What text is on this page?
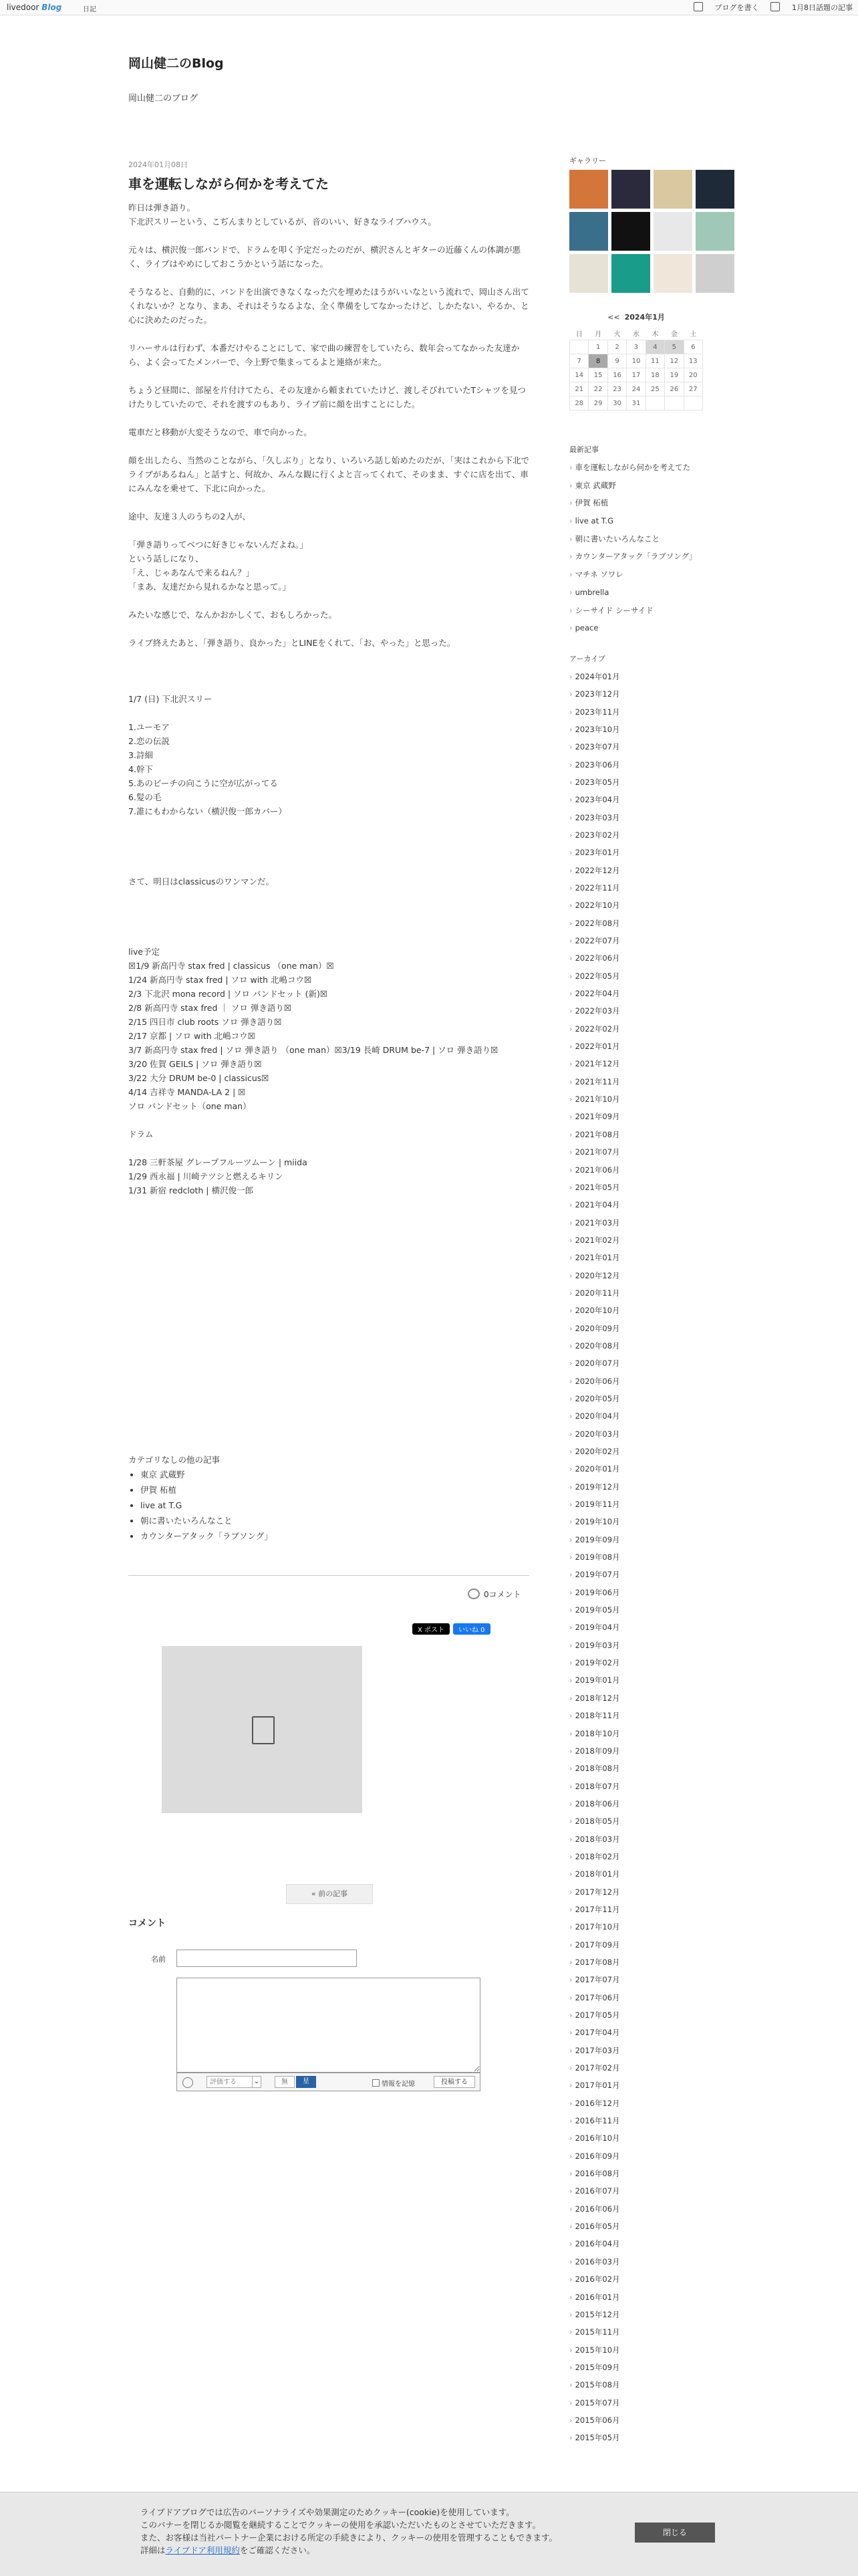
livedoor Blog	日記	ブログを書く	1月8日話題の記事
岡山健二のBlog
岡山健二のブログ
2024年01月08日
車を運転しながら何かを考えてた

昨日は弾き語り。

下北沢スリーという、こぢんまりとしているが、音のいい、好きなライブハウス。

元々は、横沢俊一郎バンドで、ドラムを叩く予定だったのだが、横沢さんとギターの近藤くんの体調が悪く、ライブはやめにしておこうかという話になった。

そうなると、自動的に、バンドを出演できなくなった穴を埋めたほうがいいなという流れで、岡山さん出てくれないか？となり、まあ、それはそうなるよな、全く準備をしてなかったけど、しかたない、やるか、と心に決めたのだった。

リハーサルは行わず、本番だけやることにして、家で曲の練習をしていたら、数年会ってなかった友達から、よく会ってたメンバーで、今上野で集まってるよと連絡が来た。

ちょうど昼間に、部屋を片付けてたら、その友達から頼まれていたけど、渡しそびれていたTシャツを見つけたりしていたので、それを渡すのもあり、ライブ前に顔を出すことにした。

電車だと移動が大変そうなので、車で向かった。

顔を出したら、当然のことながら、「久しぶり」となり、いろいろ話し始めたのだが、「実はこれから下北でライブがあるねん」と話すと、何故か、みんな観に行くよと言ってくれて、そのまま、すぐに店を出て、車にみんなを乗せて、下北に向かった。

途中、友達３人のうちの2人が、

「弾き語りってベつに好きじゃないんだよね。」

という話しになり、

「え、じゃあなんで来るねん？」

「まあ、友達だから見れるかなと思って。」

みたいな感じで、なんかおかしくて、おもしろかった。

ライブ終えたあと、「弾き語り、良かった」とLINEをくれて、「お、やった」と思った。

1/7 (日) 下北沢スリー

1.ユーモア

2.恋の伝説

3.詩細

4.幹下

5.あのビーチの向こうに空が広がってる

6.髪の毛

7.誰にもわからない（横沢俊一郎カバー）

さて、明日はclassicusのワンマンだ。

live予定

☒1/9 新高円寺 stax fred | classicus （one man）☒

1/24 新高円寺 stax fred | ソロ with 北嶋コウ☒

2/3 下北沢 mona record | ソロ バンドセット (新)☒

2/8 新高円寺 stax fred ｜ ソロ 弾き語り☒

2/15 四日市 club roots ソロ 弾き語り☒

2/17 京都 | ソロ with 北嶋コウ☒

3/7 新高円寺 stax fred | ソロ 弾き語り （one man）☒3/19 長崎 DRUM be-7 | ソロ 弾き語り☒

3/20 佐賀 GEILS | ソロ 弾き語り☒

3/22 大分 DRUM be-0 | classicus☒

4/14 吉祥寺 MANDA-LA 2 | ☒

ソロ バンドセット（one man）

ドラム

1/28 三軒茶屋 グレープフルーツムーン | miida

1/29 西永福 | 川崎テツシと燃えるキリン

1/31 新宿 redcloth | 横沢俊一郎

カテゴリなしの他の記事
• 東京 武蔵野
• 伊賀 柘植
• live at T.G
• 朝に書いたいろんなこと
• カウンターアタック「ラブソング」
0コメント
X ポスト	いいね 0
« 前の記事
コメント
名前
評価する	⌄	無	星	情報を記憶	投稿する
ギャラリー
<< 2024年1月
日	月	火	水	木	金	土
	1	2	3	4	5	6
7	8	9	10	11	12	13
14	15	16	17	18	19	20
21	22	23	24	25	26	27
28	29	30	31			
最新記事
› 車を運転しながら何かを考えてた
› 東京 武蔵野
› 伊賀 柘植
› live at T.G
› 朝に書いたいろんなこと
› カウンターアタック「ラブソング」
› マチネ ソワレ
› umbrella
› シーサイド シーサイド
› peace
アーカイブ
› 2024年01月
› 2023年12月
› 2023年11月
› 2023年10月
› 2023年07月
› 2023年06月
› 2023年05月
› 2023年04月
› 2023年03月
› 2023年02月
› 2023年01月
› 2022年12月
› 2022年11月
› 2022年10月
› 2022年08月
› 2022年07月
› 2022年06月
› 2022年05月
› 2022年04月
› 2022年03月
› 2022年02月
› 2022年01月
› 2021年12月
› 2021年11月
› 2021年10月
› 2021年09月
› 2021年08月
› 2021年07月
› 2021年06月
› 2021年05月
› 2021年04月
› 2021年03月
› 2021年02月
› 2021年01月
› 2020年12月
› 2020年11月
› 2020年10月
› 2020年09月
› 2020年08月
› 2020年07月
› 2020年06月
› 2020年05月
› 2020年04月
› 2020年03月
› 2020年02月
› 2020年01月
› 2019年12月
› 2019年11月
› 2019年10月
› 2019年09月
› 2019年08月
› 2019年07月
› 2019年06月
› 2019年05月
› 2019年04月
› 2019年03月
› 2019年02月
› 2019年01月
› 2018年12月
› 2018年11月
› 2018年10月
› 2018年09月
› 2018年08月
› 2018年07月
› 2018年06月
› 2018年05月
› 2018年03月
› 2018年02月
› 2018年01月
› 2017年12月
› 2017年11月
› 2017年10月
› 2017年09月
› 2017年08月
› 2017年07月
› 2017年06月
› 2017年05月
› 2017年04月
› 2017年03月
› 2017年02月
› 2017年01月
› 2016年12月
› 2016年11月
› 2016年10月
› 2016年09月
› 2016年08月
› 2016年07月
› 2016年06月
› 2016年05月
› 2016年04月
› 2016年03月
› 2016年02月
› 2016年01月
› 2015年12月
› 2015年11月
› 2015年10月
› 2015年09月
› 2015年08月
› 2015年07月
› 2015年06月
› 2015年05月
ライブドアブログでは広告のパーソナライズや効果測定のためクッキー(cookie)を使用しています。
このバナーを閉じるか閲覧を継続することでクッキーの使用を承認いただいたものとさせていただきます。
また、お客様は当社パートナー企業における所定の手続きにより、クッキーの使用を管理することもできます。
詳細はライブドア利用規約をご確認ください。
閉じる
